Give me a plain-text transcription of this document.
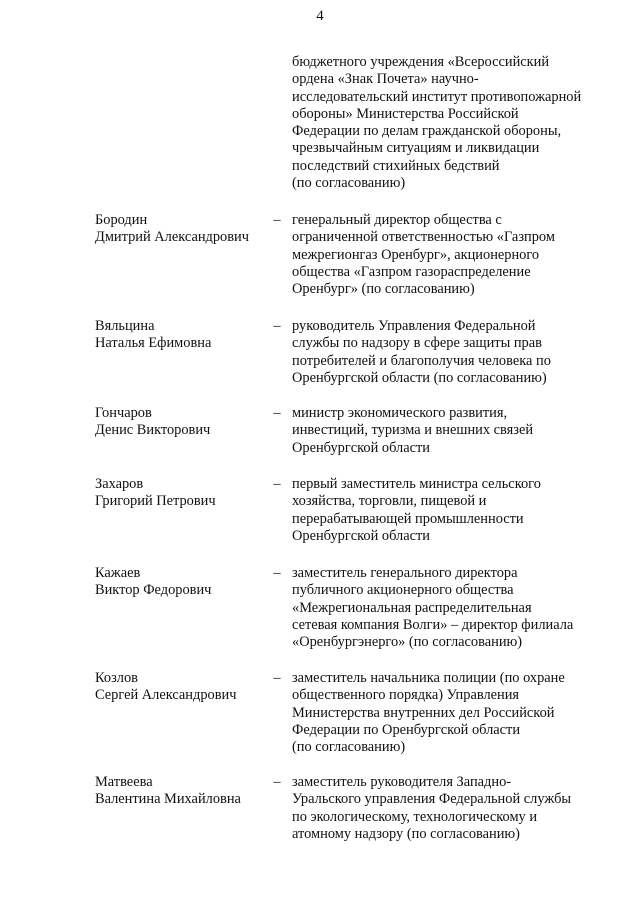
4
бюджетного учреждения «Всероссийский
ордена «Знак Почета» научно-
исследовательский институт противопожарной
обороны» Министерства Российской
Федерации по делам гражданской обороны,
чрезвычайным ситуациям и ликвидации
последствий стихийных бедствий
(по согласованию)
Бородин
Дмитрий Александрович
– генеральный директор общества с
ограниченной ответственностью «Газпром
межрегионгаз Оренбург», акционерного
общества «Газпром газораспределение
Оренбург» (по согласованию)
Вяльцина
Наталья Ефимовна
– руководитель Управления Федеральной
службы по надзору в сфере защиты прав
потребителей и благополучия человека по
Оренбургской области (по согласованию)
Гончаров
Денис Викторович
– министр экономического развития,
инвестиций, туризма и внешних связей
Оренбургской области
Захаров
Григорий Петрович
– первый заместитель министра сельского
хозяйства, торговли, пищевой и
перерабатывающей промышленности
Оренбургской области
Кажаев
Виктор Федорович
– заместитель генерального директора
публичного акционерного общества
«Межрегиональная распределительная
сетевая компания Волги» – директор филиала
«Оренбургэнерго» (по согласованию)
Козлов
Сергей Александрович
– заместитель начальника полиции (по охране
общественного порядка) Управления
Министерства внутренних дел Российской
Федерации по Оренбургской области
(по согласованию)
Матвеева
Валентина Михайловна
– заместитель руководителя Западно-
Уральского управления Федеральной службы
по экологическому, технологическому и
атомному надзору (по согласованию)
